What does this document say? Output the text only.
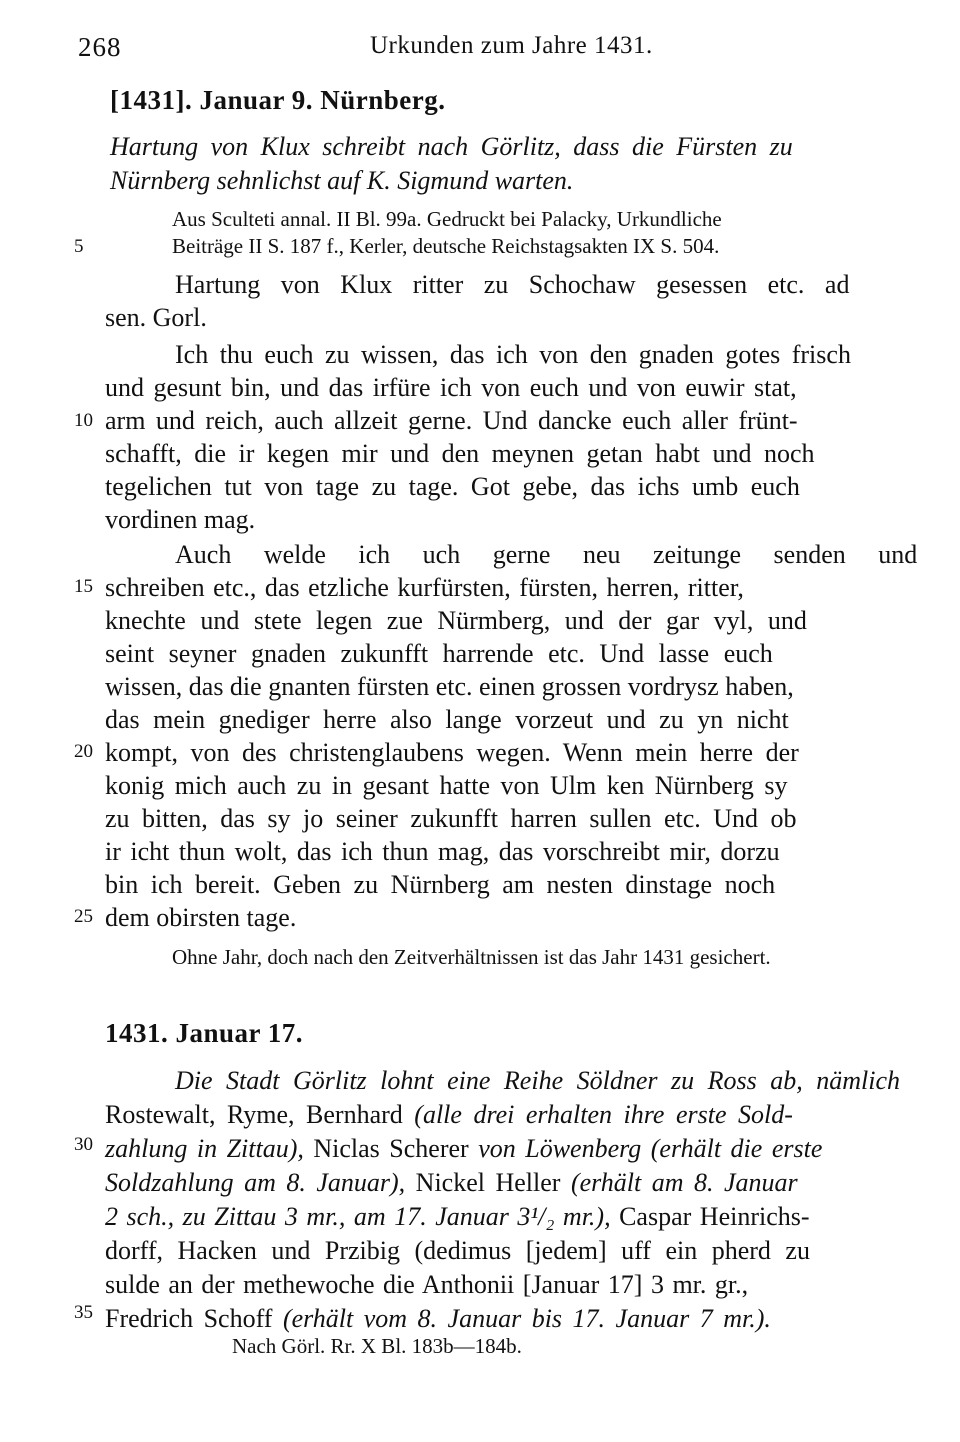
268	Urkunden zum Jahre 1431.
[1431]. Januar 9. Nürnberg.
Hartung von Klux schreibt nach Görlitz, dass die Fürsten zu
Nürnberg sehnlichst auf K. Sigmund warten.
Aus Sculteti annal. II Bl. 99a. Gedruckt bei Palacky, Urkundliche
Beiträge II S. 187 f., Kerler, deutsche Reichstagsakten IX S. 504.
Hartung von Klux ritter zu Schochaw gesessen etc. ad
sen. Gorl.
Ich thu euch zu wissen, das ich von den gnaden gotes frisch
und gesunt bin, und das irfüre ich von euch und von euwir stat,
arm und reich, auch allzeit gerne. Und dancke euch aller frünt-
schafft, die ir kegen mir und den meynen getan habt und noch
tegelichen tut von tage zu tage. Got gebe, das ichs umb euch
vordinen mag.
Auch welde ich uch gerne neu zeitunge senden und
schreiben etc., das etzliche kurfürsten, fürsten, herren, ritter,
knechte und stete legen zue Nürmberg, und der gar vyl, und
seint seyner gnaden zukunfft harrende etc. Und lasse euch
wissen, das die gnanten fürsten etc. einen grossen vordrysz haben,
das mein gnediger herre also lange vorzeut und zu yn nicht
kompt, von des christenglaubens wegen. Wenn mein herre der
konig mich auch zu in gesant hatte von Ulm ken Nürnberg sy
zu bitten, das sy jo seiner zukunfft harren sullen etc. Und ob
ir icht thun wolt, das ich thun mag, das vorschreibt mir, dorzu
bin ich bereit. Geben zu Nürnberg am nesten dinstage noch
dem obirsten tage.
Ohne Jahr, doch nach den Zeitverhältnissen ist das Jahr 1431 gesichert.
1431. Januar 17.
Die Stadt Görlitz lohnt eine Reihe Söldner zu Ross ab, nämlich
Rostewalt, Ryme, Bernhard (alle drei erhalten ihre erste Sold-
zahlung in Zittau), Niclas Scherer von Löwenberg (erhält die erste
Soldzahlung am 8. Januar), Nickel Heller (erhält am 8. Januar
2 sch., zu Zittau 3 mr., am 17. Januar 3¹/₂ mr.), Caspar Heinrichs-
dorff, Hacken und Przibig (dedimus [jedem] uff ein pherd zu
sulde an der methewoche die Anthonii [Januar 17] 3 mr. gr.,
Fredrich Schoff (erhält vom 8. Januar bis 17. Januar 7 mr.).
Nach Görl. Rr. X Bl. 183b—184b.
5
10
15
20
25
30
35
